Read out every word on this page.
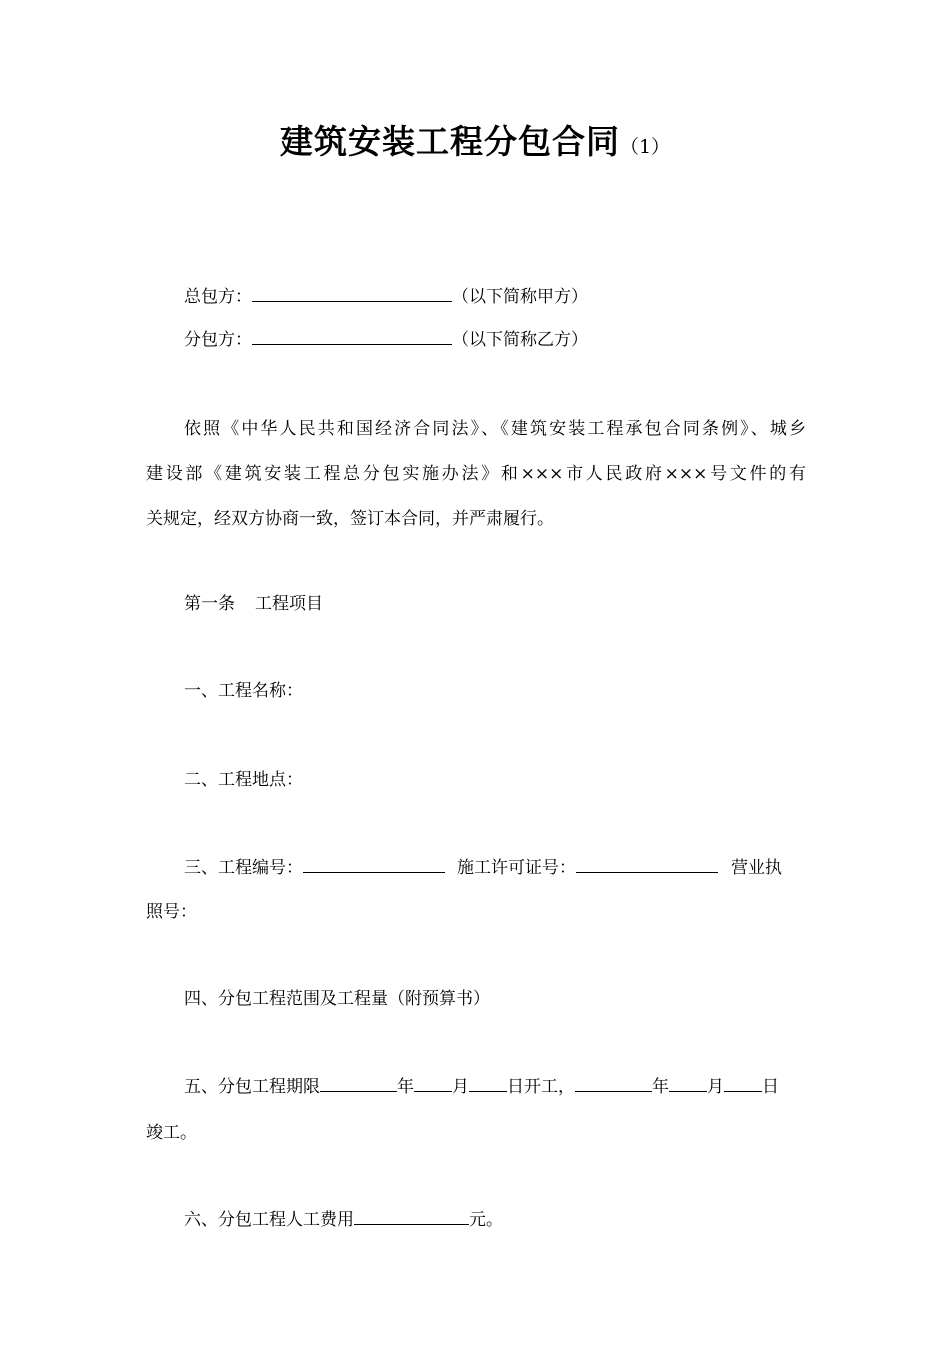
建筑安装工程分包合同（1）
总包方：	（以下简称甲方）
分包方：	（以下简称乙方）
依照《中华人民共和国经济合同法》、《建筑安装工程承包合同条例》、城乡
建设部《建筑安装工程总分包实施办法》和×××市人民政府×××号文件的有
关规定，经双方协商一致，签订本合同，并严肃履行。
第一条 工程项目
一、工程名称：
二、工程地点：
三、工程编号：	施工许可证号：	营业执
照号：
四、分包工程范围及工程量（附预算书）
五、分包工程期限	年 月 日开工，	年 月 日
竣工。
六、分包工程人工费用	元。
